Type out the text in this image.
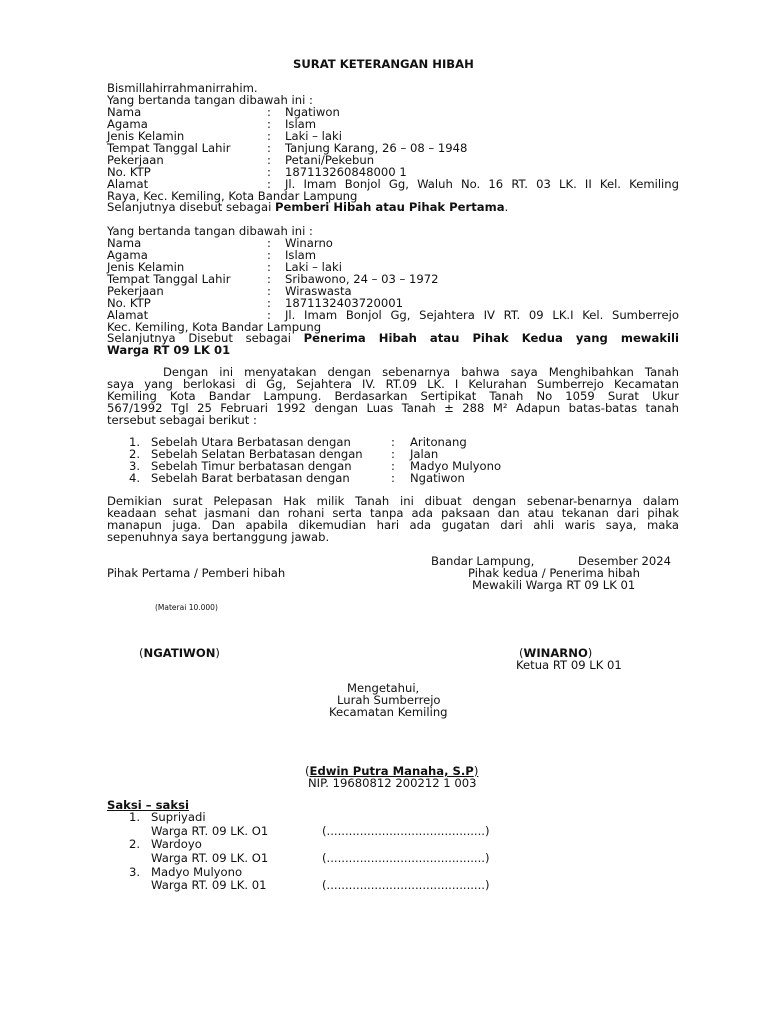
SURAT KETERANGAN HIBAH
Bismillahirrahmanirrahim.
Yang bertanda tangan dibawah ini :
Nama	: Ngatiwon
Agama	: Islam
Jenis Kelamin	: Laki – laki
Tempat Tanggal Lahir	: Tanjung Karang, 26 – 08 – 1948
Pekerjaan	: Petani/Pekebun
No. KTP	: 187113260848000 1
Alamat	: Jl. Imam Bonjol Gg, Waluh No. 16 RT. 03 LK. II Kel. Kemiling
Raya, Kec. Kemiling, Kota Bandar Lampung
Selanjutnya disebut sebagai Pemberi Hibah atau Pihak Pertama.
Yang bertanda tangan dibawah ini :
Nama	: Winarno
Agama	: Islam
Jenis Kelamin	: Laki – laki
Tempat Tanggal Lahir	: Sribawono, 24 – 03 – 1972
Pekerjaan	: Wiraswasta
No. KTP	: 1871132403720001
Alamat	: Jl. Imam Bonjol Gg, Sejahtera IV RT. 09 LK.I Kel. Sumberrejo
Kec. Kemiling, Kota Bandar Lampung
Selanjutnya Disebut sebagai Penerima Hibah atau Pihak Kedua yang mewakili
Warga RT 09 LK 01
Dengan ini menyatakan dengan sebenarnya bahwa saya Menghibahkan Tanah
saya yang berlokasi di Gg, Sejahtera IV. RT.09 LK. I Kelurahan Sumberrejo Kecamatan
Kemiling Kota Bandar Lampung. Berdasarkan Sertipikat Tanah No 1059 Surat Ukur
567/1992 Tgl 25 Februari 1992 dengan Luas Tanah ± 288 M² Adapun batas-batas tanah
tersebut sebagai berikut :
1. Sebelah Utara Berbatasan dengan	: Aritonang
2. Sebelah Selatan Berbatasan dengan : Jalan
3. Sebelah Timur berbatasan dengan	: Madyo Mulyono
4. Sebelah Barat berbatasan dengan	: Ngatiwon
Demikian surat Pelepasan Hak milik Tanah ini dibuat dengan sebenar-benarnya dalam
keadaan sehat jasmani dan rohani serta tanpa ada paksaan dan atau tekanan dari pihak
manapun juga. Dan apabila dikemudian hari ada gugatan dari ahli waris saya, maka
sepenuhnya saya bertanggung jawab.
Bandar Lampung,	Desember 2024
Pihak Pertama / Pemberi hibah	Pihak kedua / Penerima hibah
Mewakili Warga RT 09 LK 01
(Materai 10.000)
(NGATIWON)	(WINARNO)
Ketua RT 09 LK 01
Mengetahui,
Lurah Sumberrejo
Kecamatan Kemiling
(Edwin Putra Manaha, S.P)
NIP. 19680812 200212 1 003
Saksi – saksi
1. Supriyadi
Warga RT. 09 LK. O1	(...........................................)
2. Wardoyo
Warga RT. 09 LK. O1	(...........................................)
3. Madyo Mulyono
Warga RT. 09 LK. 01	(...........................................)
